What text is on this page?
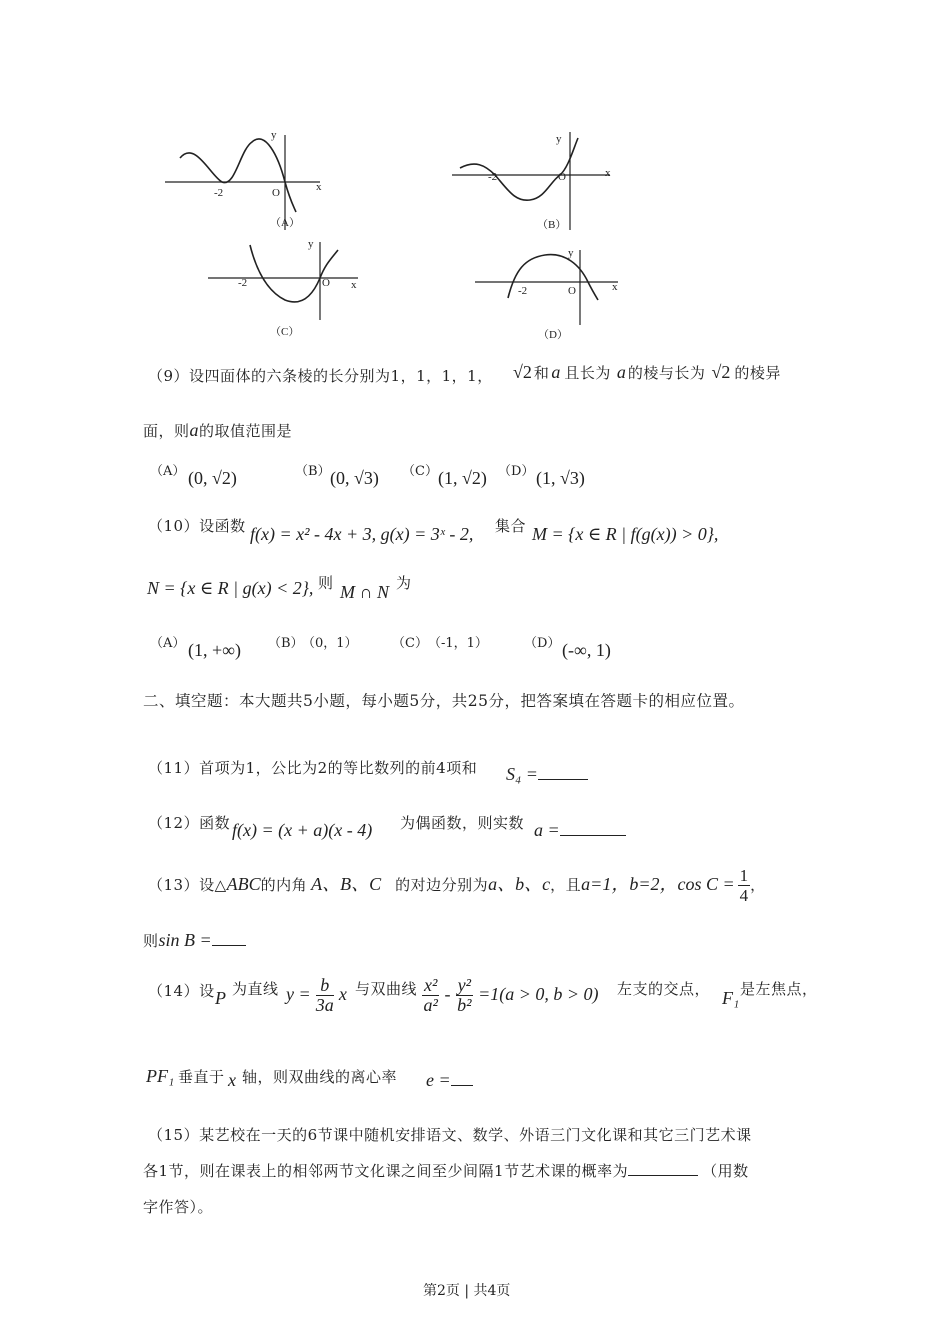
y
x
-2	O
（A）
y
x
-2	O
（B）
y
x
-2	O
（C）
y
x
-2	O
（D）
（9）设四面体的六条棱的长分别为1，1，1，1， √2 和 a 且长为 a 的棱与长为 √2 的棱异
面，则a的取值范围是
（A） (0, √2)	（B） (0, √3) （C） (1, √2) （D） (1, √3)
（10）设函数 f(x) = x² - 4x + 3, g(x) = 3ˣ - 2, 集合 M = {x ∈ R | f(g(x)) > 0},
N = {x ∈ R | g(x) < 2}, 则 M ∩ N 为
（A） (1, +∞) （B）
（0，1）	（C） （-1，1）	（D） (-∞, 1)
二、填空题：本大题共5小题，每小题5分，共25分，把答案填在答题卡的相应位置。
（11）首项为1，公比为2的等比数列的前4项和 S₄ =
（12）函数 f(x) = (x + a)(x - 4) 为偶函数，则实数 a =
（13）设△ABC的内角 A、B、C 的对边分别为a、b、c，且a=1，b=2，$\cos C = \frac{1}{4}$ ，
则sin B =
（14）设 P 为直线 $y = \frac{b}{3a}$ x 与双曲线 $\frac{\text{x²}}{\text{a²}} - \frac{\text{y²}}{\text{b²}} =1(a > 0$, b > 0) 左支的交点， F₁ 是左焦点，
PF₁ 垂直于 x 轴，则双曲线的离心率 e =
（15）某艺校在一天的6节课中随机安排语文、数学、外语三门文化课和其它三门艺术课
各1节，则在课表上的相邻两节文化课之间至少间隔1节艺术课的概率为	（用数
字作答）。
第2页 | 共4页
